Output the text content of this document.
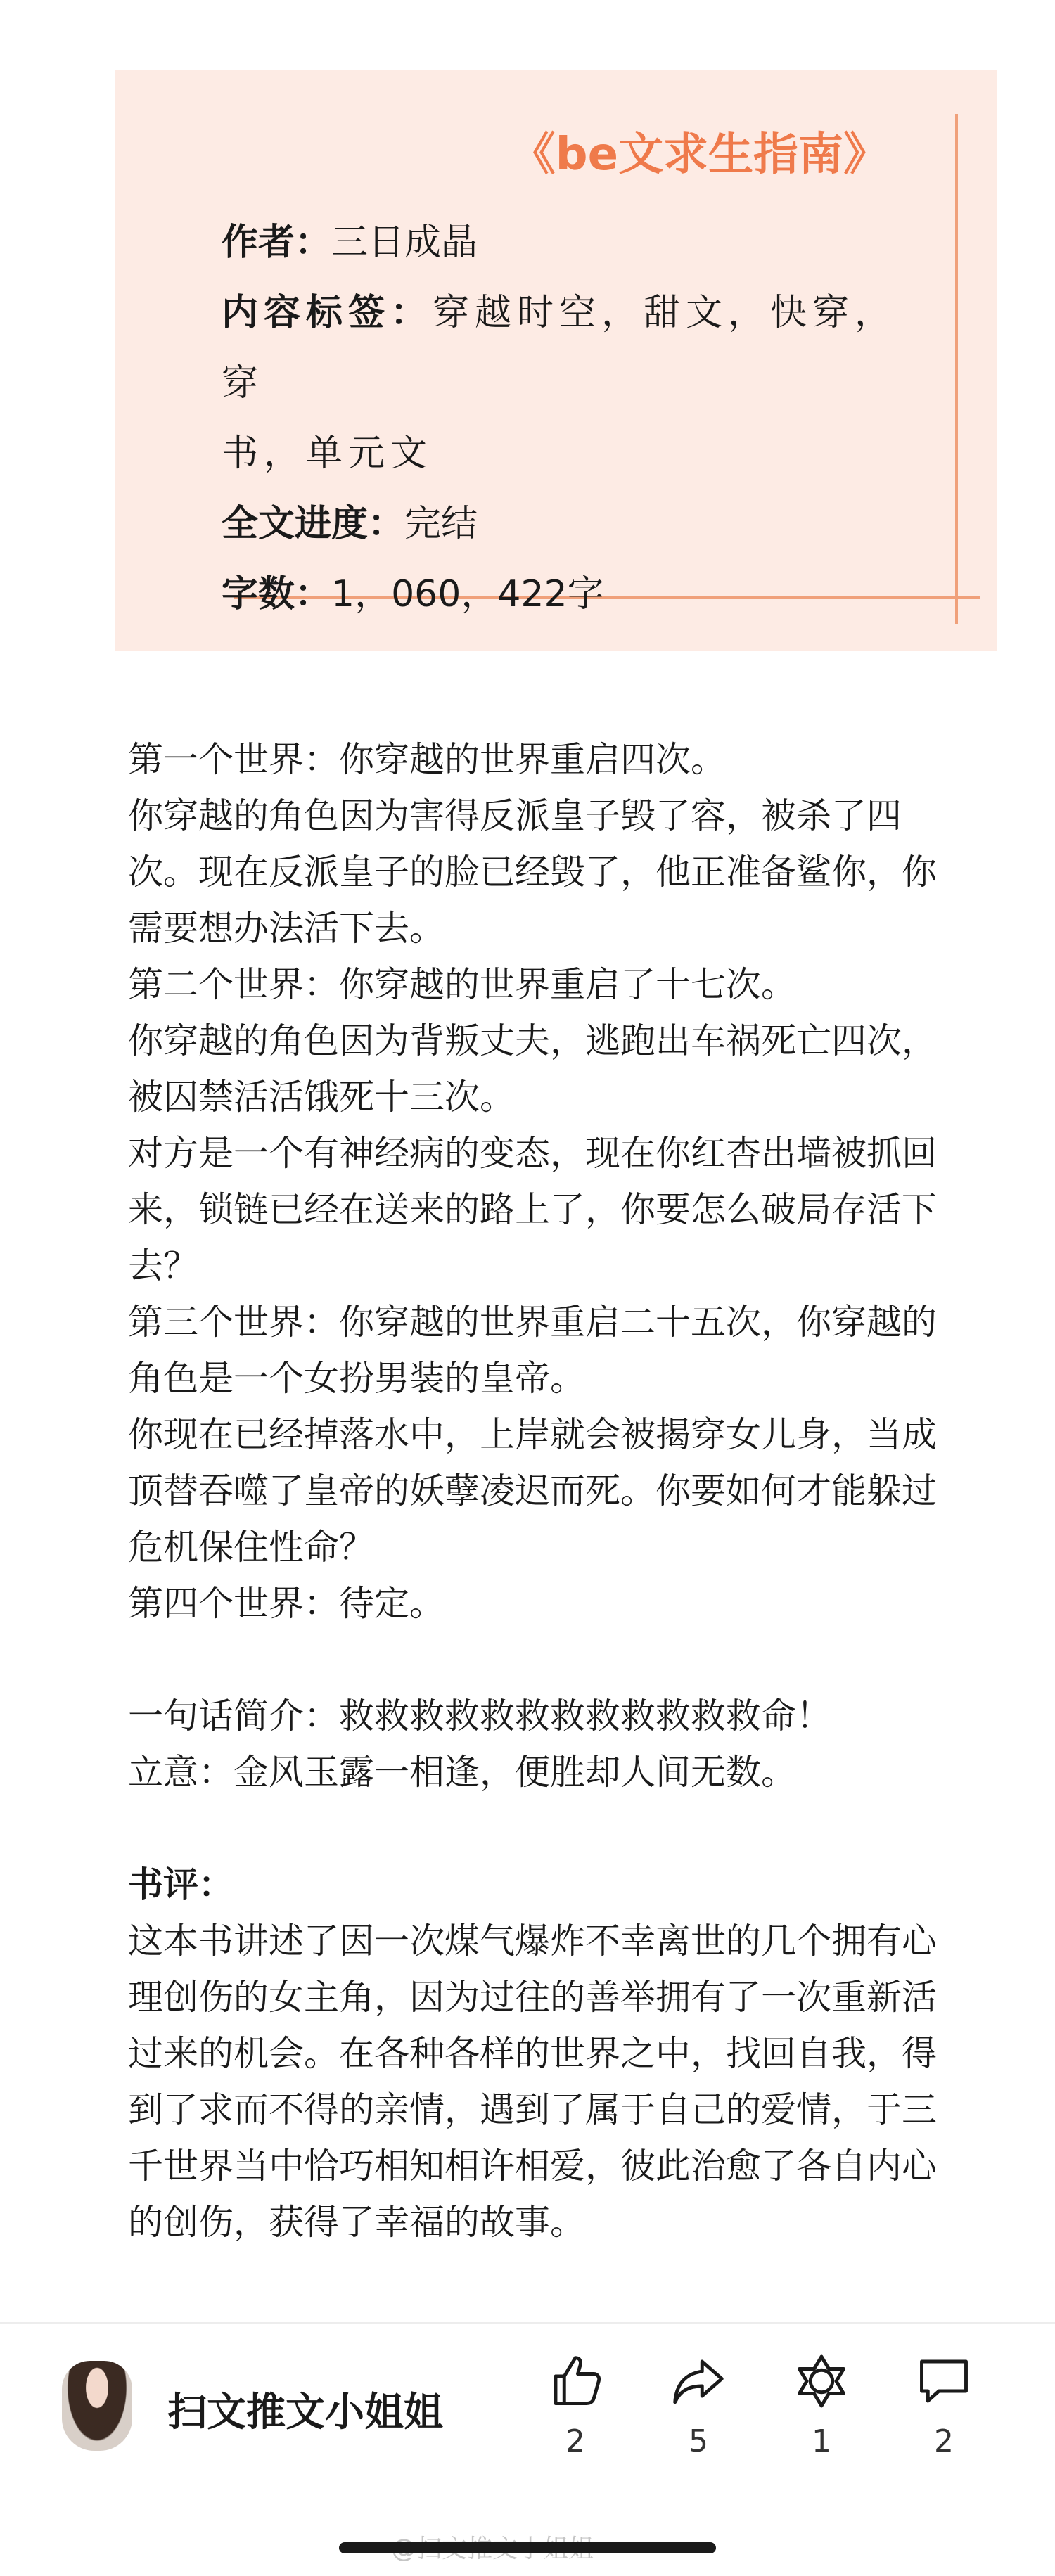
《be文求生指南》
作者：三日成晶
内容标签：穿越时空，甜文，快穿，穿
书，单元文
全文进度：完结
字数：1，060，422字

第一个世界：你穿越的世界重启四次。

你穿越的角色因为害得反派皇子毁了容，被杀了四次。现在反派皇子的脸已经毁了，他正准备鲨你，你需要想办法活下去。

第二个世界：你穿越的世界重启了十七次。

你穿越的角色因为背叛丈夫，逃跑出车祸死亡四次，被囚禁活活饿死十三次。

对方是一个有神经病的变态，现在你红杏出墙被抓回来，锁链已经在送来的路上了，你要怎么破局存活下去？

第三个世界：你穿越的世界重启二十五次，你穿越的角色是一个女扮男装的皇帝。

你现在已经掉落水中，上岸就会被揭穿女儿身，当成顶替吞噬了皇帝的妖孽凌迟而死。你要如何才能躲过危机保住性命？

第四个世界：待定。

一句话简介：救救救救救救救救救救救救命！

立意：金风玉露一相逢，便胜却人间无数。

书评：

这本书讲述了因一次煤气爆炸不幸离世的几个拥有心理创伤的女主角，因为过往的善举拥有了一次重新活过来的机会。在各种各样的世界之中，找回自我，得到了求而不得的亲情，遇到了属于自己的爱情，于三千世界当中恰巧相知相许相爱，彼此治愈了各自内心的创伤，获得了幸福的故事。

扫文推文小姐姐
2	5	1	2
